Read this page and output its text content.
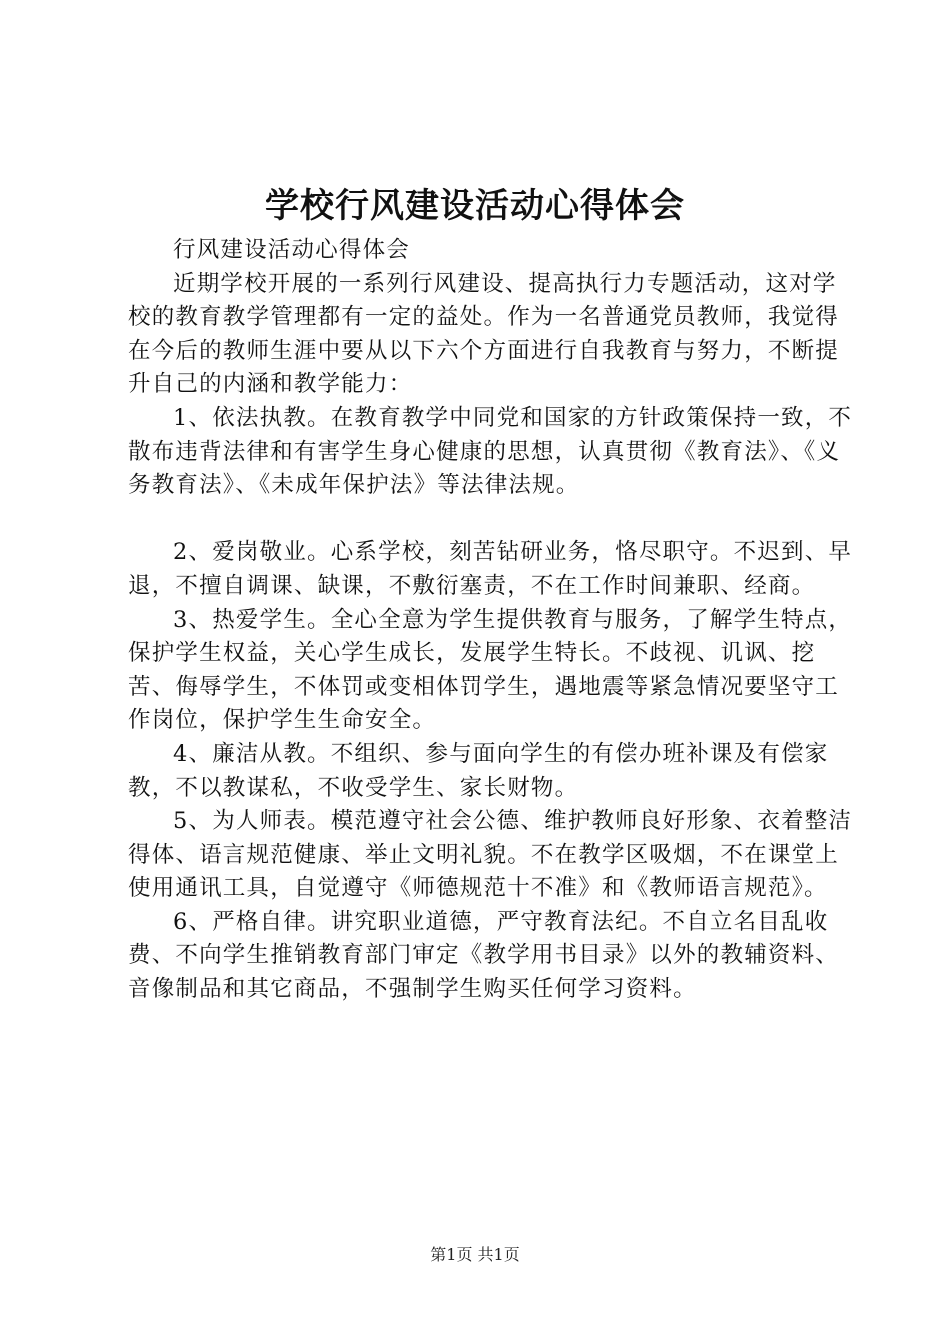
学校行风建设活动心得体会

行风建设活动心得体会

近期学校开展的一系列行风建设、提高执行力专题活动，这对学校的教育教学管理都有一定的益处。作为一名普通党员教师，我觉得在今后的教师生涯中要从以下六个方面进行自我教育与努力，不断提升自己的内涵和教学能力：

1、依法执教。在教育教学中同党和国家的方针政策保持一致，不散布违背法律和有害学生身心健康的思想，认真贯彻《教育法》、《义务教育法》、《未成年保护法》等法律法规。

2、爱岗敬业。心系学校，刻苦钻研业务，恪尽职守。不迟到、早退，不擅自调课、缺课，不敷衍塞责，不在工作时间兼职、经商。

3、热爱学生。全心全意为学生提供教育与服务，了解学生特点，保护学生权益，关心学生成长，发展学生特长。不歧视、讥讽、挖苦、侮辱学生，不体罚或变相体罚学生，遇地震等紧急情况要坚守工作岗位，保护学生生命安全。

4、廉洁从教。不组织、参与面向学生的有偿办班补课及有偿家教，不以教谋私，不收受学生、家长财物。

5、为人师表。模范遵守社会公德、维护教师良好形象、衣着整洁得体、语言规范健康、举止文明礼貌。不在教学区吸烟，不在课堂上使用通讯工具，自觉遵守《师德规范十不准》和《教师语言规范》。

6、严格自律。讲究职业道德，严守教育法纪。不自立名目乱收费、不向学生推销教育部门审定《教学用书目录》以外的教辅资料、音像制品和其它商品，不强制学生购买任何学习资料。

第1页 共1页
